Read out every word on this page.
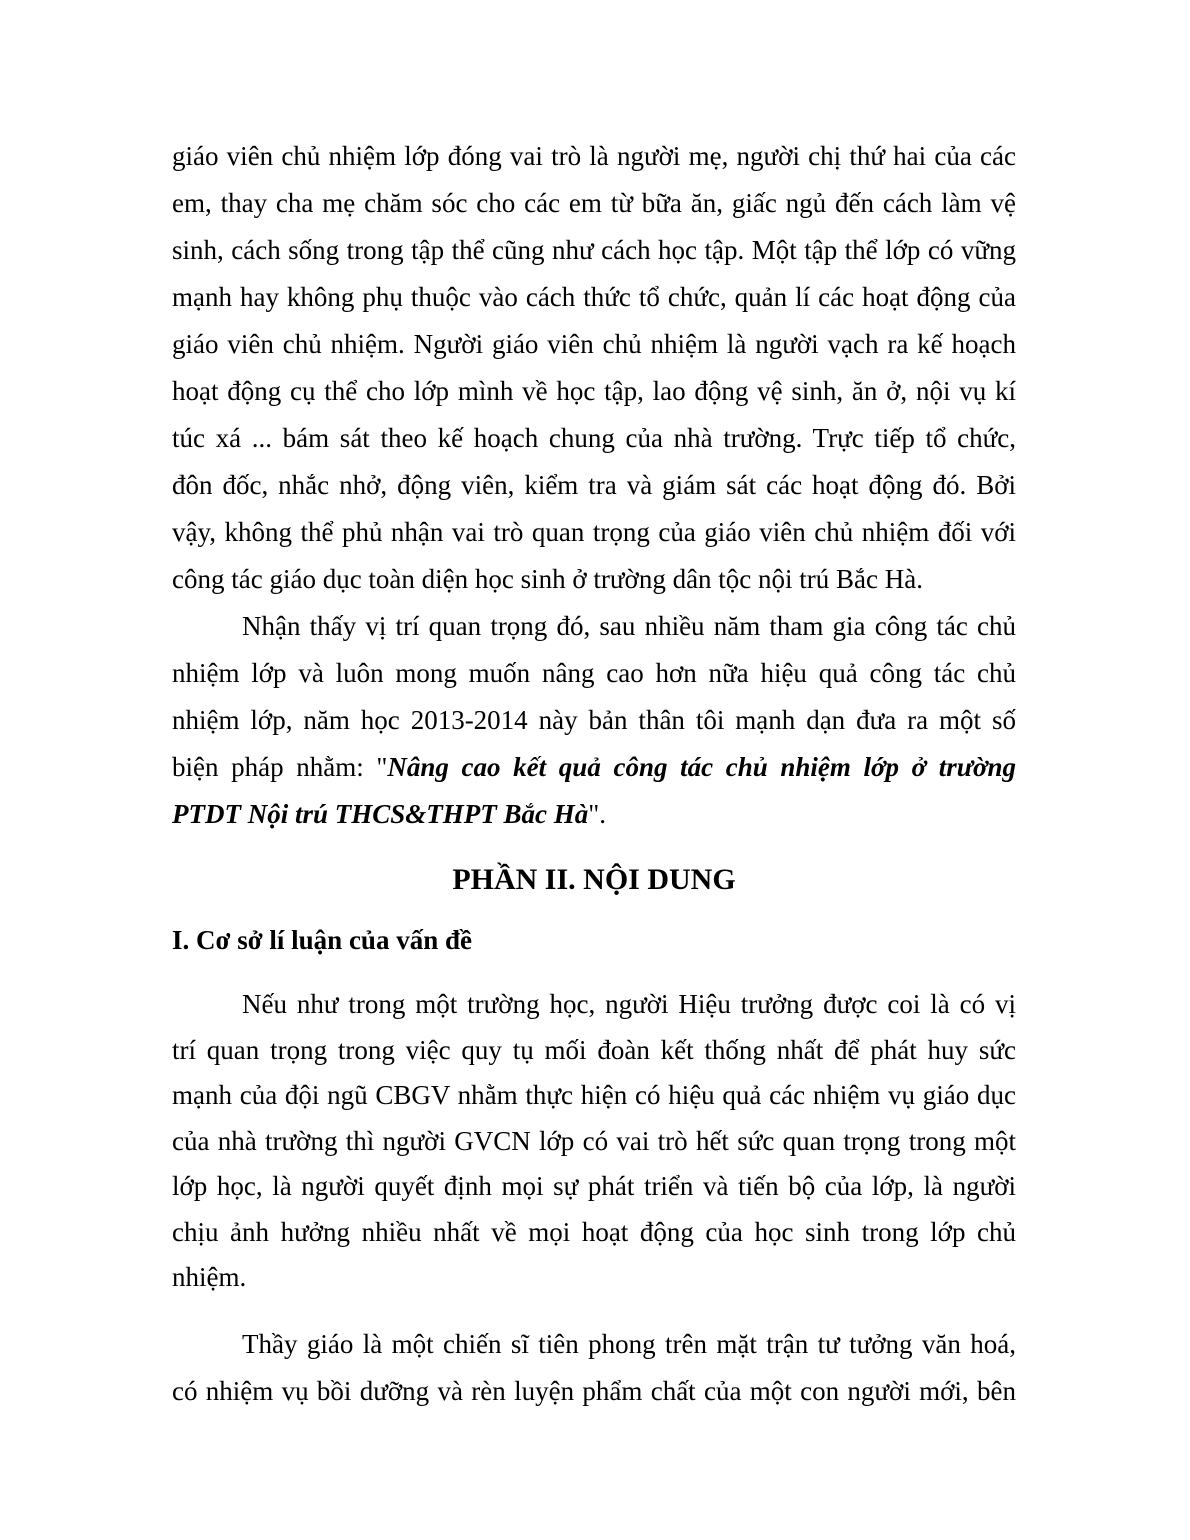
giáo viên chủ nhiệm lớp đóng vai trò là người mẹ, người chị thứ hai của các
em, thay cha mẹ chăm sóc cho các em từ bữa ăn, giấc ngủ đến cách làm vệ
sinh, cách sống trong tập thể cũng như cách học tập. Một tập thể lớp có vững
mạnh hay không phụ thuộc vào cách thức tổ chức, quản lí các hoạt động của
giáo viên chủ nhiệm. Người giáo viên chủ nhiệm là người vạch ra kế hoạch
hoạt động cụ thể cho lớp mình về học tập, lao động vệ sinh, ăn ở, nội vụ kí
túc xá ... bám sát theo kế hoạch chung của nhà trường. Trực tiếp tổ chức,
đôn đốc, nhắc nhở, động viên, kiểm tra và giám sát các hoạt động đó. Bởi
vậy, không thể phủ nhận vai trò quan trọng của giáo viên chủ nhiệm đối với
công tác giáo dục toàn diện học sinh ở trường dân tộc nội trú Bắc Hà.
Nhận thấy vị trí quan trọng đó, sau nhiều năm tham gia công tác chủ
nhiệm lớp và luôn mong muốn nâng cao hơn nữa hiệu quả công tác chủ
nhiệm lớp, năm học 2013-2014 này bản thân tôi mạnh dạn đưa ra một số
biện pháp nhằm: "Nâng cao kết quả công tác chủ nhiệm lớp ở trường
PTDT Nội trú THCS&THPT Bắc Hà".
PHẦN II. NỘI DUNG
I. Cơ sở lí luận của vấn đề
Nếu như trong một trường học, người Hiệu trưởng được coi là có vị
trí quan trọng trong việc quy tụ mối đoàn kết thống nhất để phát huy sức
mạnh của đội ngũ CBGV nhằm thực hiện có hiệu quả các nhiệm vụ giáo dục
của nhà trường thì người GVCN lớp có vai trò hết sức quan trọng trong một
lớp học, là người quyết định mọi sự phát triển và tiến bộ của lớp, là người
chịu ảnh hưởng nhiều nhất về mọi hoạt động của học sinh trong lớp chủ
nhiệm.
Thầy giáo là một chiến sĩ tiên phong trên mặt trận tư tưởng văn hoá,
có nhiệm vụ bồi dưỡng và rèn luyện phẩm chất của một con người mới, bên
